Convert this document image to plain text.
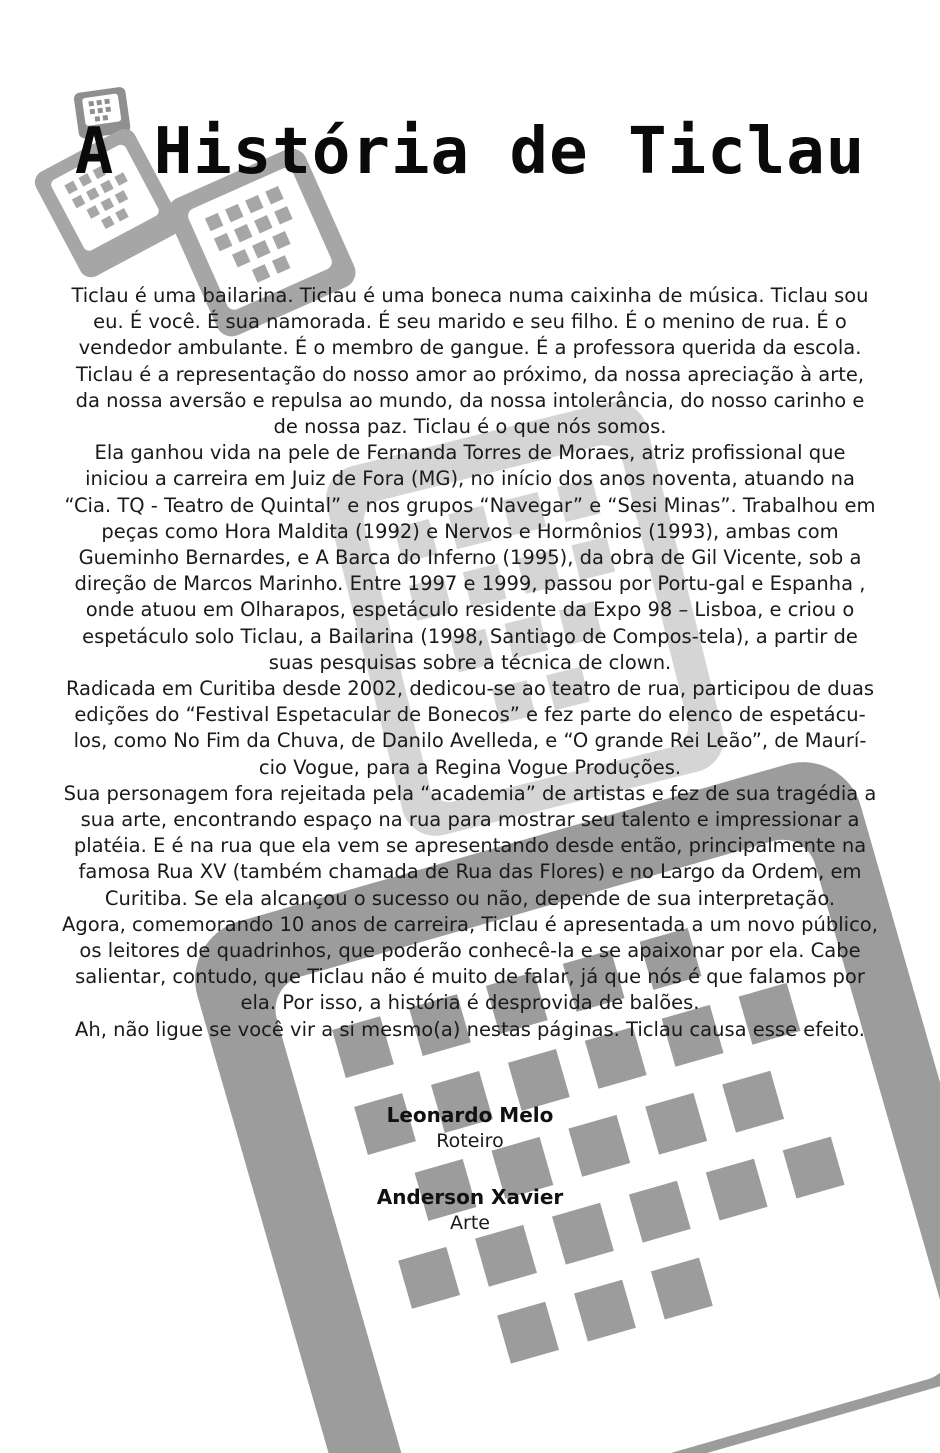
A História de Ticlau

Ticlau é uma bailarina. Ticlau é uma boneca numa caixinha de música. Ticlau sou eu. É você. É sua namorada. É seu marido e seu filho. É o menino de rua. É o vendedor ambulante. É o membro de gangue. É a professora querida da escola. Ticlau é a representação do nosso amor ao próximo, da nossa apreciação à arte, da nossa aversão e repulsa ao mundo, da nossa intolerância, do nosso carinho e de nossa paz. Ticlau é o que nós somos.

Ela ganhou vida na pele de Fernanda Torres de Moraes, atriz profissional que iniciou a carreira em Juiz de Fora (MG), no início dos anos noventa, atuando na “Cia. TQ - Teatro de Quintal” e nos grupos “Navegar” e “Sesi Minas”. Trabalhou em peças como Hora Maldita (1992) e Nervos e Hormônios (1993), ambas com Gueminho Bernardes, e A Barca do Inferno (1995), da obra de Gil Vicente, sob a direção de Marcos Marinho. Entre 1997 e 1999, passou por Portu-gal e Espanha , onde atuou em Olharapos, espetáculo residente da Expo 98 – Lisboa, e criou o espetáculo solo Ticlau, a Bailarina (1998, Santiago de Compos-tela), a partir de suas pesquisas sobre a técnica de clown.

Radicada em Curitiba desde 2002, dedicou-se ao teatro de rua, participou de duas edições do “Festival Espetacular de Bonecos” e fez parte do elenco de espetácu-los, como No Fim da Chuva, de Danilo Avelleda, e “O grande Rei Leão”, de Maurí-cio Vogue, para a Regina Vogue Produções.

Sua personagem fora rejeitada pela “academia” de artistas e fez de sua tragédia a sua arte, encontrando espaço na rua para mostrar seu talento e impressionar a platéia. E é na rua que ela vem se apresentando desde então, principalmente na famosa Rua XV (também chamada de Rua das Flores) e no Largo da Ordem, em Curitiba. Se ela alcançou o sucesso ou não, depende de sua interpretação.

Agora, comemorando 10 anos de carreira, Ticlau é apresentada a um novo público, os leitores de quadrinhos, que poderão conhecê-la e se apaixonar por ela. Cabe salientar, contudo, que Ticlau não é muito de falar, já que nós é que falamos por ela. Por isso, a história é desprovida de balões.

Ah, não ligue se você vir a si mesmo(a) nestas páginas. Ticlau causa esse efeito.

Leonardo Melo
Roteiro
Anderson Xavier
Arte
